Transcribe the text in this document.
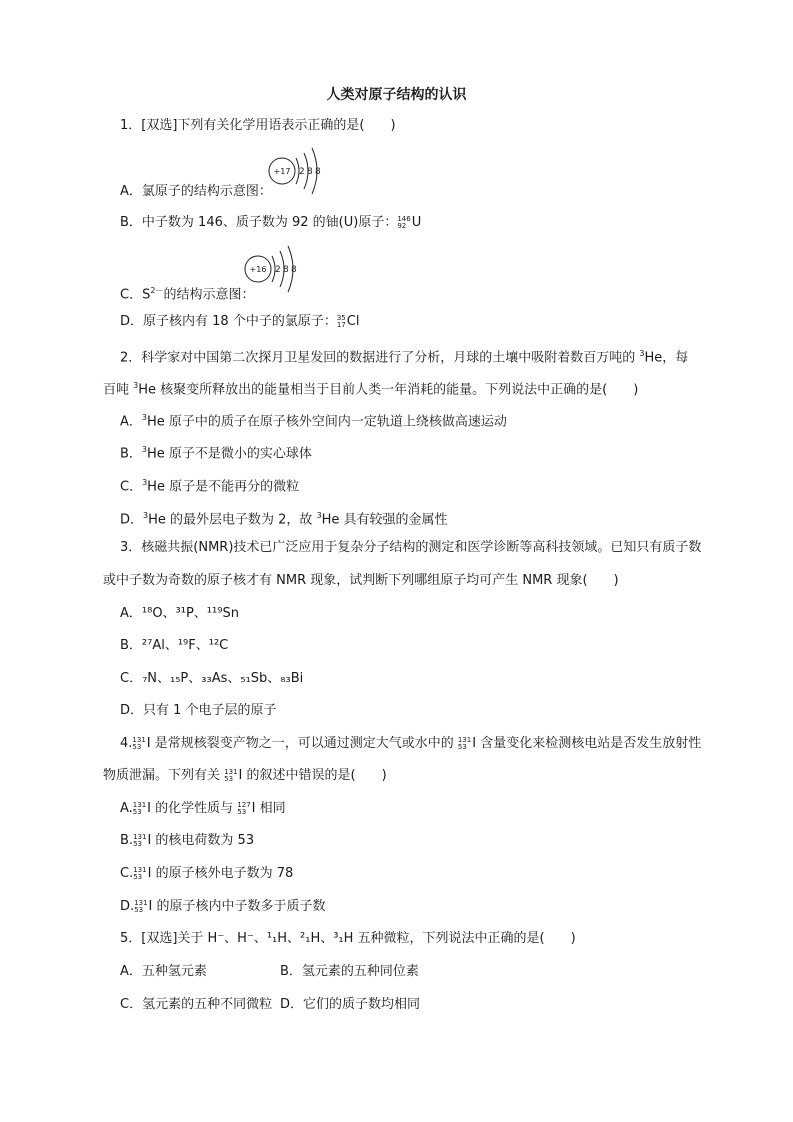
人类对原子结构的认识
1．[双选]下列有关化学用语表示正确的是(　　)
+17 2 8 8
A．氯原子的结构示意图：
B．中子数为 146、质子数为 92 的铀(U)原子： 146
92 U
+16 2 8 8
C．$S^{2-}$的结构示意图：
D．原子核内有 18 个中子的氯原子： 35
17 Cl
2．科学家对中国第二次探月卫星发回的数据进行了分析，月球的土壤中吸附着数百万吨的 $^3$He，每
百吨 $^3$He 核聚变所释放出的能量相当于目前人类一年消耗的能量。下列说法中正确的是(　　)
A．$^3$He 原子中的质子在原子核外空间内一定轨道上绕核做高速运动
B．$^3$He 原子不是微小的实心球体
C．$^3$He 原子是不能再分的微粒
D．$^3$He 的最外层电子数为 2，故 $^3$He 具有较强的金属性
3．核磁共振(NMR)技术已广泛应用于复杂分子结构的测定和医学诊断等高科技领域。已知只有质子数
或中子数为奇数的原子核才有 NMR 现象，试判断下列哪组原子均可产生 NMR 现象(　　)
A．¹⁸O、³¹P、¹¹⁹Sn
B．²⁷Al、¹⁹F、¹²C
C．₇N、₁₅P、₃₃As、₅₁Sb、₈₃Bi
D．只有 1 个电子层的原子
4. 131
53 I 是常规核裂变产物之一，可以通过测定大气或水中的 131
53 I 含量变化来检测核电站是否发生放射性
物质泄漏。下列有关 131
53 I 的叙述中错误的是(　　)
A. 131
53 I 的化学性质与 127
53 I 相同
B. 131
53 I 的核电荷数为 53
C. 131
53 I 的原子核外电子数为 78
D. 131
53 I 的原子核内中子数多于质子数
5．[双选]关于 H⁻、H⁻、¹₁H、²₁H、³₁H 五种微粒，下列说法中正确的是(　　)
A．五种氢元素	B．氢元素的五种同位素
C．氢元素的五种不同微粒 D．它们的质子数均相同
